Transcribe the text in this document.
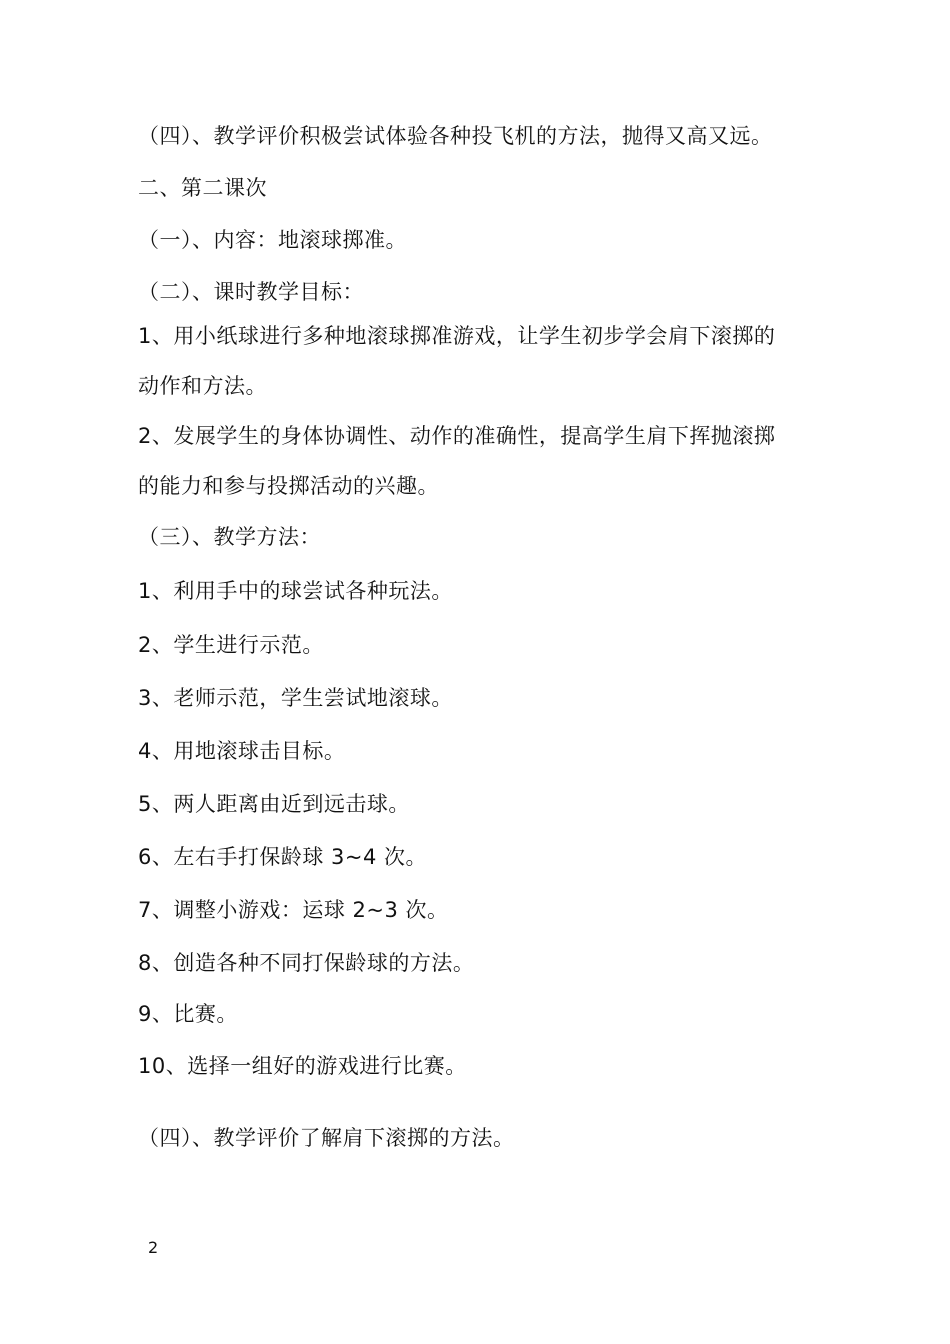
（四）、教学评价积极尝试体验各种投飞机的方法，抛得又高又远。
二、第二课次
（一）、内容：地滚球掷准。
（二）、课时教学目标：
1、用小纸球进行多种地滚球掷准游戏，让学生初步学会肩下滚掷的
动作和方法。
2、发展学生的身体协调性、动作的准确性，提高学生肩下挥抛滚掷
的能力和参与投掷活动的兴趣。
（三）、教学方法：
1、利用手中的球尝试各种玩法。
2、学生进行示范。
3、老师示范，学生尝试地滚球。
4、用地滚球击目标。
5、两人距离由近到远击球。
6、左右手打保龄球 3~4 次。
7、调整小游戏：运球 2~3 次。
8、创造各种不同打保龄球的方法。
9、比赛。
10、选择一组好的游戏进行比赛。
（四）、教学评价了解肩下滚掷的方法。
2
